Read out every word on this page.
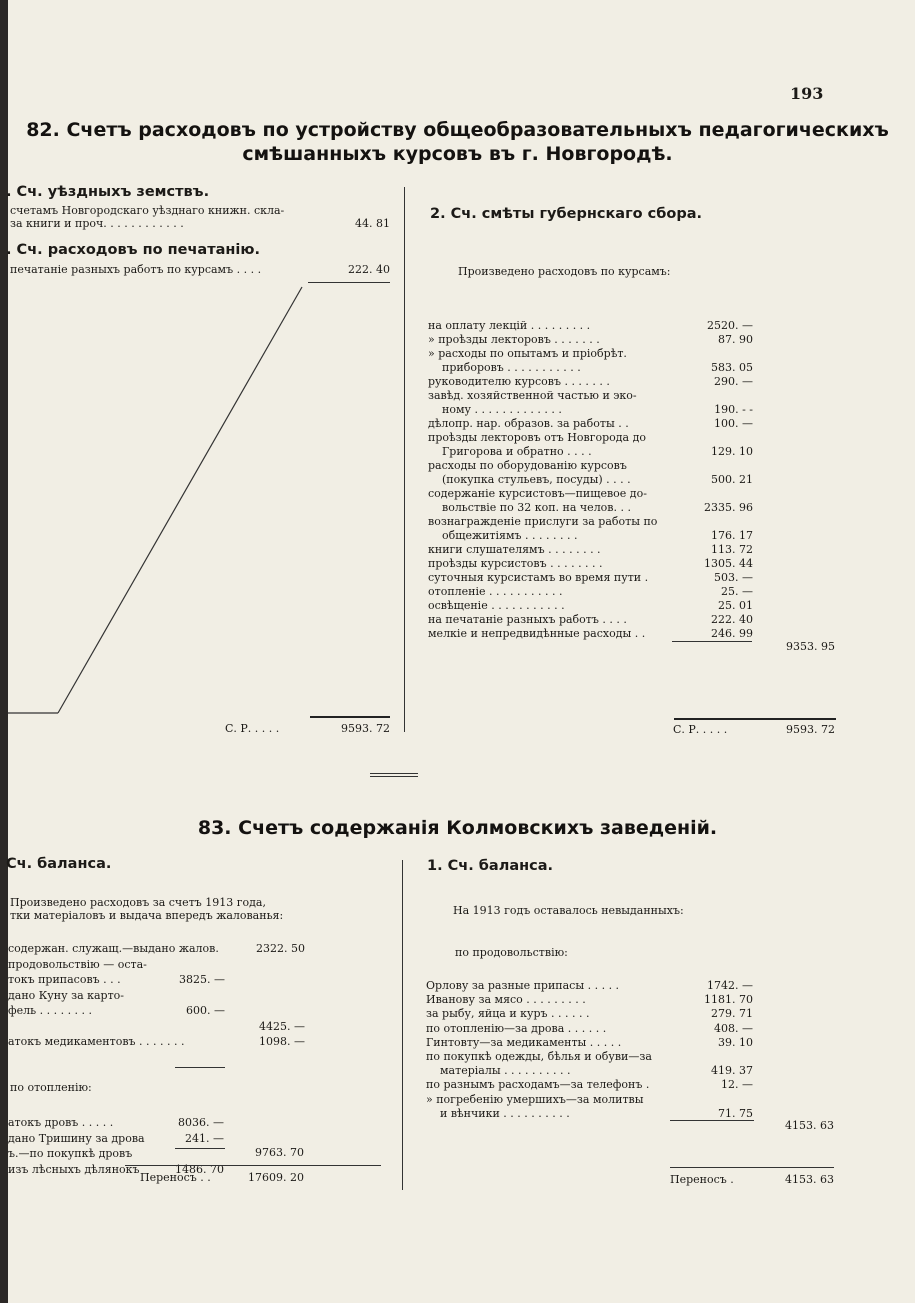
193
82. Счетъ расходовъ по устройству общеобразовательныхъ педагогическихъ
смѣшанныхъ курсовъ въ г. Новгородѣ.
. Сч. уѣздныхъ земствъ.
счетамъ Новгородскаго уѣзднаго книжн. скла-
за книги и проч. . . . . . . . . . . .	44. 81
. Сч. расходовъ по печатанію.
печатаніе разныхъ работъ по курсамъ . . . .	222. 40
С. Р. . . . .	9593. 72
2. Сч. смѣты губернскаго сбора.
Произведено расходовъ по курсамъ:
на оплату лекцій . . . . . . . . .	2520. —
» проѣзды лекторовъ . . . . . . .	87. 90
» расходы по опытамъ и пріобрѣт.
приборовъ . . . . . . . . . . .	583. 05
руководителю курсовъ . . . . . . .	290. —
завѣд. хозяйственной частью и эко-
ному . . . . . . . . . . . . .	190. - -
дѣлопр. нар. образов. за работы . .	100. —
проѣзды лекторовъ отъ Новгорода до
Григорова и обратно . . . .	129. 10
расходы по оборудованію курсовъ
(покупка стульевъ, посуды) . . . .	500. 21
содержаніе курсистовъ—пищевое до-
вольствіе по 32 коп. на челов. . .	2335. 96
вознагражденіе прислуги за работы по
общежитіямъ . . . . . . . .	176. 17
книги слушателямъ . . . . . . . .	113. 72
проѣзды курсистовъ . . . . . . . .	1305. 44
суточныя курсистамъ во время пути .	503. —
отопленіе . . . . . . . . . . .	25. —
освѣщеніе . . . . . . . . . . .	25. 01
на печатаніе разныхъ работъ . . . .	222. 40
мелкіе и непредвидѣнные расходы . .	246. 99
9353. 95
С. Р. . . . .	9593. 72
83. Счетъ содержанія Колмовскихъ заведеній.
Сч. баланса.
Произведено расходовъ за счетъ 1913 года,
тки матеріаловъ и выдача впередъ жалованья:
содержан. служащ.—выдано жалов.	2322. 50
продовольствію — оста-
токъ припасовъ . . .	3825. —
дано Куну за карто-
фель . . . . . . . .	600. —
4425. —
атокъ медикаментовъ . . . . . . .	1098. —
по отопленію:
атокъ дровъ . . . . .	8036. —
дано Тришину за дрова	241. —
ъ.—по покупкѣ дровъ
изъ лѣсныхъ дѣлянокъ	1486. 70
9763. 70
Переносъ . .	17609. 20
1. Сч. баланса.
На 1913 годъ оставалось невыданныхъ:
по продовольствію:
Орлову за разные припасы . . . . .	1742. —
Иванову за мясо . . . . . . . . .	1181. 70
за рыбу, яйца и куръ . . . . . .	279. 71
по отопленію—за дрова . . . . . .	408. —
Гинтовту—за медикаменты . . . . .	39. 10
по покупкѣ одежды, бѣлья и обуви—за
матеріалы . . . . . . . . . .	419. 37
по разнымъ расходамъ—за телефонъ .	12. —
» погребенію умершихъ—за молитвы
и вѣнчики . . . . . . . . . .	71. 75
4153. 63
Переносъ .	4153. 63
